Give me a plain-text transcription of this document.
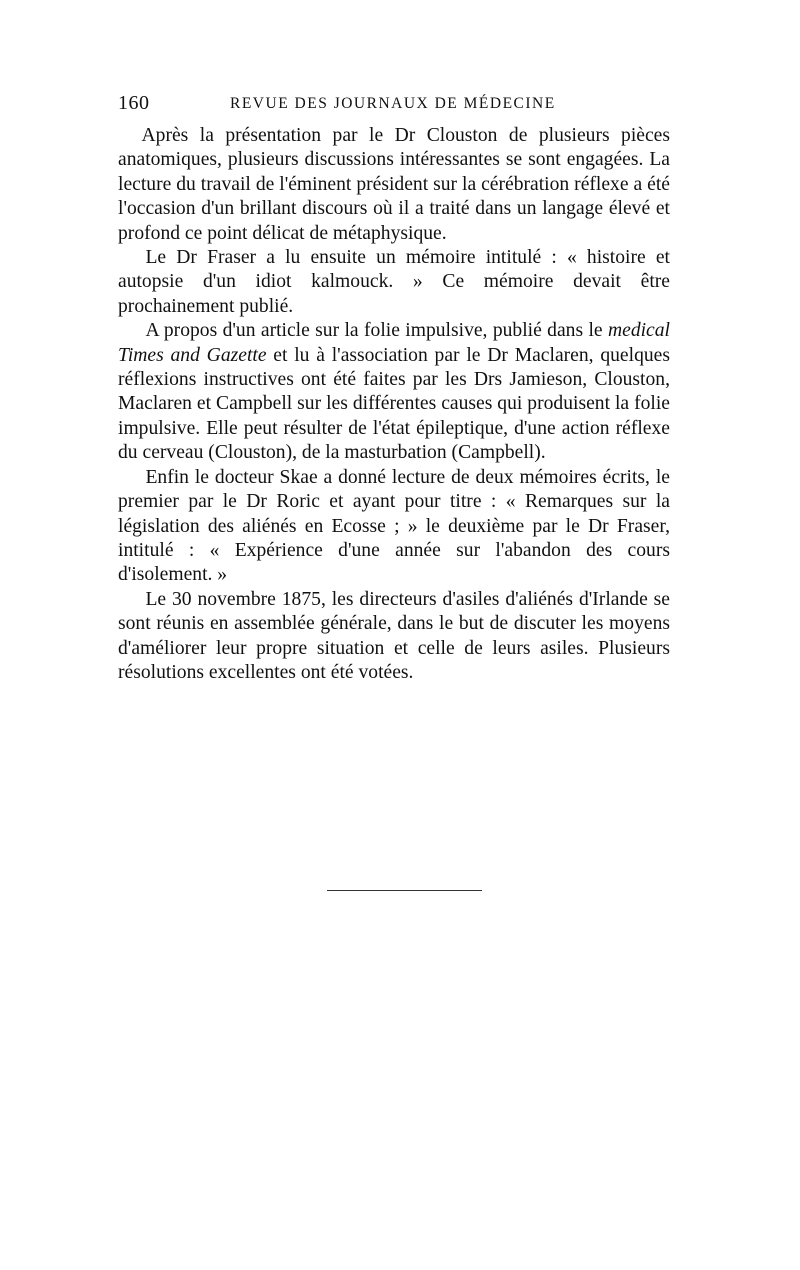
160	REVUE DES JOURNAUX DE MÉDECINE

Après la présentation par le Dr Clouston de plusieurs pièces anatomiques, plusieurs discussions intéressantes se sont engagées. La lecture du travail de l'éminent président sur la cérébration réflexe a été l'occasion d'un brillant discours où il a traité dans un langage élevé et profond ce point délicat de métaphysique.

Le Dr Fraser a lu ensuite un mémoire intitulé : « histoire et autopsie d'un idiot kalmouck. » Ce mémoire devait être prochainement publié.

A propos d'un article sur la folie impulsive, publié dans le medical Times and Gazette et lu à l'association par le Dr Maclaren, quelques réflexions instructives ont été faites par les Drs Jamieson, Clouston, Maclaren et Campbell sur les différentes causes qui produisent la folie impulsive. Elle peut résulter de l'état épileptique, d'une action réflexe du cerveau (Clouston), de la masturbation (Campbell).

Enfin le docteur Skae a donné lecture de deux mémoires écrits, le premier par le Dr Roric et ayant pour titre : « Remarques sur la législation des aliénés en Ecosse ; » le deuxième par le Dr Fraser, intitulé : « Expérience d'une année sur l'abandon des cours d'isolement. »

Le 30 novembre 1875, les directeurs d'asiles d'aliénés d'Irlande se sont réunis en assemblée générale, dans le but de discuter les moyens d'améliorer leur propre situation et celle de leurs asiles. Plusieurs résolutions excellentes ont été votées.
